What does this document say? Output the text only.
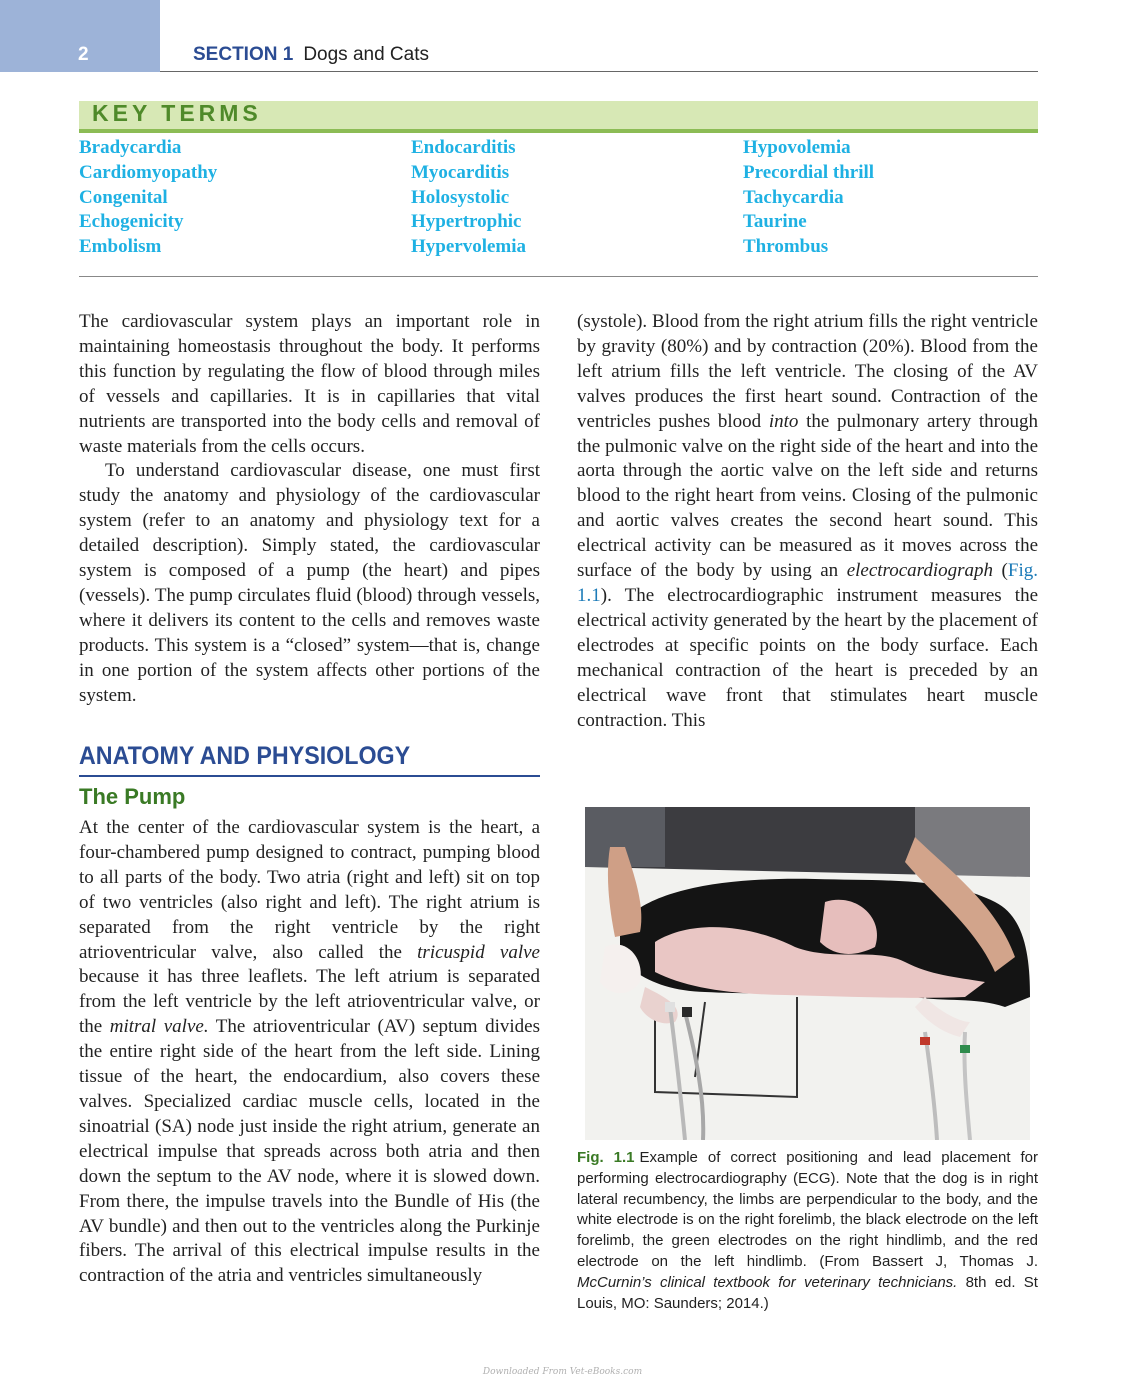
2	SECTION 1 Dogs and Cats
KEY TERMS
Bradycardia
Cardiomyopathy
Congenital
Echogenicity
Embolism
Endocarditis
Myocarditis
Holosystolic
Hypertrophic
Hypervolemia
Hypovolemia
Precordial thrill
Tachycardia
Taurine
Thrombus

The cardiovascular system plays an important role in maintaining homeostasis throughout the body. It performs this function by regulating the flow of blood through miles of vessels and capillaries. It is in capillaries that vital nutrients are transported into the body cells and removal of waste materials from the cells occurs.

To understand cardiovascular disease, one must first study the anatomy and physiology of the cardiovascular system (refer to an anatomy and physiology text for a detailed description). Simply stated, the cardiovascular system is composed of a pump (the heart) and pipes (vessels). The pump circulates fluid (blood) through vessels, where it delivers its content to the cells and removes waste products. This system is a “closed” system—that is, change in one portion of the system affects other portions of the system.

ANATOMY AND PHYSIOLOGY
The Pump

At the center of the cardiovascular system is the heart, a four-chambered pump designed to contract, pumping blood to all parts of the body. Two atria (right and left) sit on top of two ventricles (also right and left). The right atrium is separated from the right ventricle by the right atrioventricular valve, also called the tricuspid valve because it has three leaflets. The left atrium is separated from the left ventricle by the left atrioventricular valve, or the mitral valve. The atrioventricular (AV) septum divides the entire right side of the heart from the left side. Lining tissue of the heart, the endocardium, also covers these valves. Specialized cardiac muscle cells, located in the sinoatrial (SA) node just inside the right atrium, generate an electrical impulse that spreads across both atria and then down the septum to the AV node, where it is slowed down. From there, the impulse travels into the Bundle of His (the AV bundle) and then out to the ventricles along the Purkinje fibers. The arrival of this electrical impulse results in the contraction of the atria and ventricles simultaneously

(systole). Blood from the right atrium fills the right ventricle by gravity (80%) and by contraction (20%). Blood from the left atrium fills the left ventricle. The closing of the AV valves produces the first heart sound. Contraction of the ventricles pushes blood into the pulmonary artery through the pulmonic valve on the right side of the heart and into the aorta through the aortic valve on the left side and returns blood to the right heart from veins. Closing of the pulmonic and aortic valves creates the second heart sound. This electrical activity can be measured as it moves across the surface of the body by using an electrocardiograph (Fig. 1.1). The electrocardiographic instrument measures the electrical activity generated by the heart by the placement of electrodes at specific points on the body surface. Each mechanical contraction of the heart is preceded by an electrical wave front that stimulates heart muscle contraction. This

Fig. 1.1 Example of correct positioning and lead placement for performing electrocardiography (ECG). Note that the dog is in right lateral recumbency, the limbs are perpendicular to the body, and the white electrode is on the right forelimb, the black electrode on the left forelimb, the green electrodes on the right hindlimb, and the red electrode on the left hindlimb. (From Bassert J, Thomas J. McCurnin’s clinical textbook for veterinary technicians. 8th ed. St Louis, MO: Saunders; 2014.)
Downloaded From Vet-eBooks.com
